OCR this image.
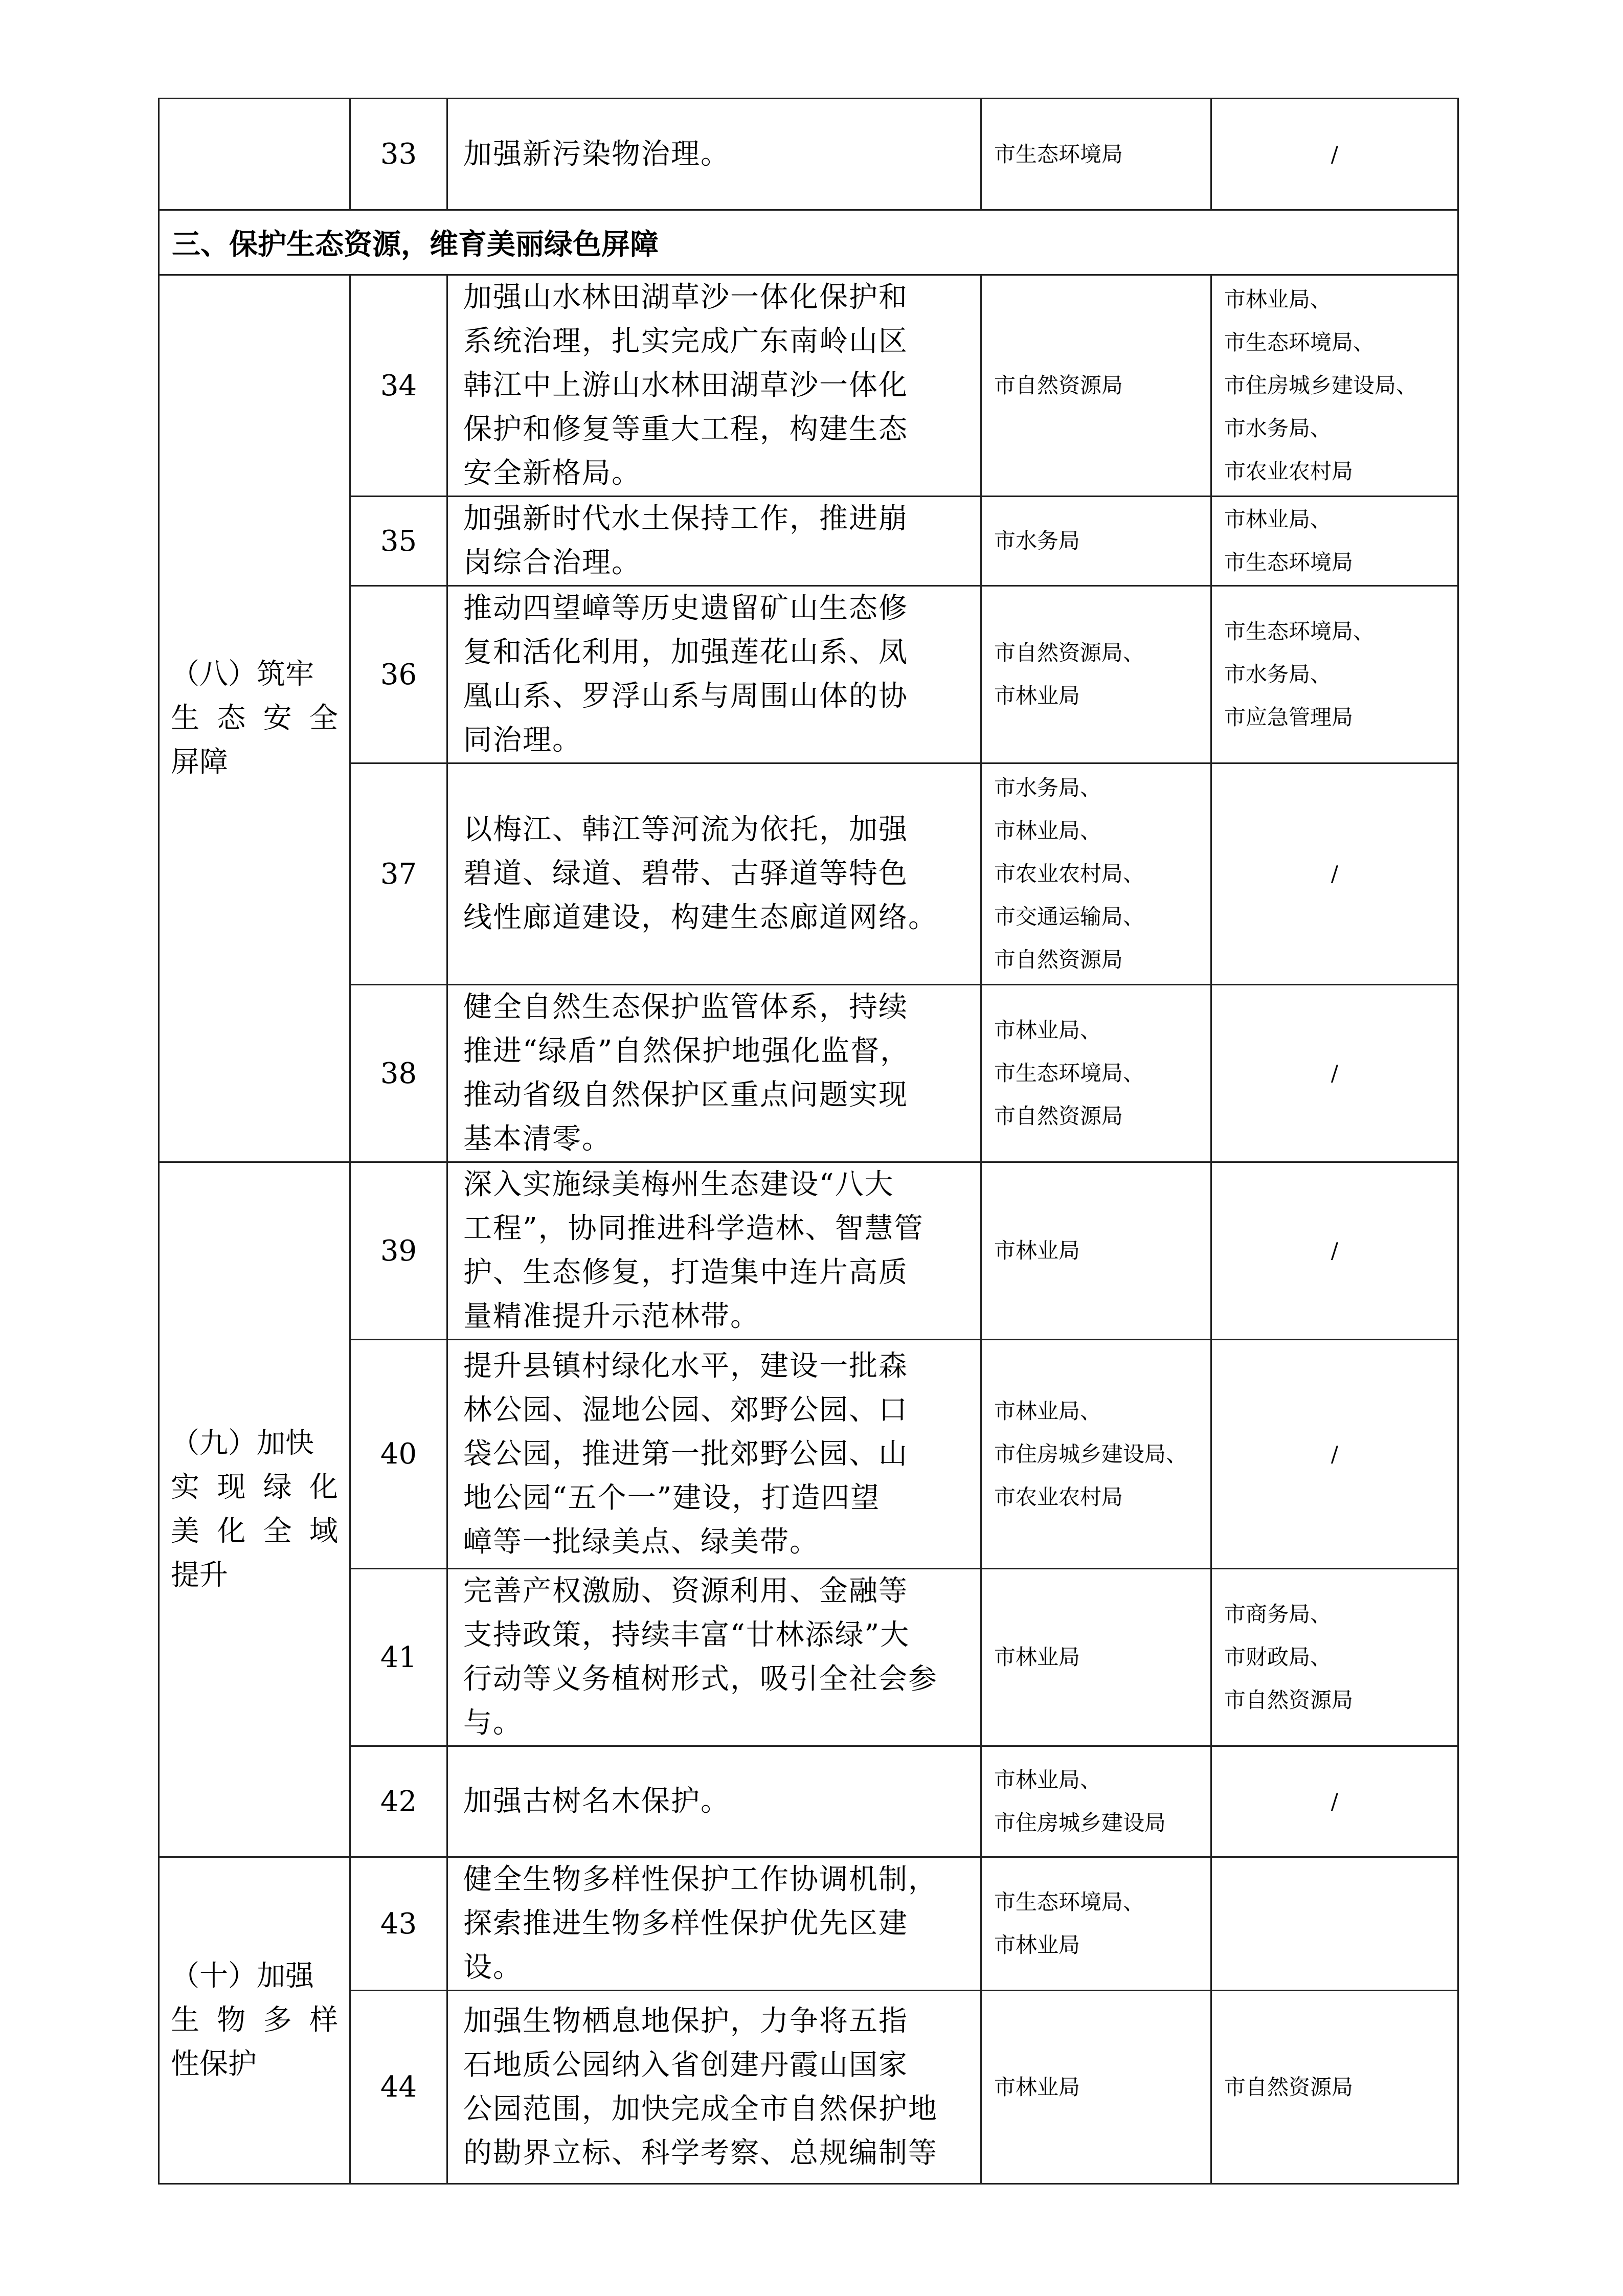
	33	加强新污染物治理。	市生态环境局	/
三、保护生态资源，维育美丽绿色屏障				

（八）筑牢
生态安全
屏障	34	加强山水林田湖草沙一体化保护和
系统治理，扎实完成广东南岭山区
韩江中上游山水林田湖草沙一体化
保护和修复等重大工程，构建生态
安全新格局。	市自然资源局	市林业局、
市生态环境局、
市住房城乡建设局、
市水务局、
市农业农村局

	35	加强新时代水土保持工作，推进崩
岗综合治理。	市水务局	市林业局、
市生态环境局

	36	推动四望嶂等历史遗留矿山生态修
复和活化利用，加强莲花山系、凤
凰山系、罗浮山系与周围山体的协
同治理。	市自然资源局、
市林业局	市生态环境局、
市水务局、
市应急管理局

	37	以梅江、韩江等河流为依托，加强
碧道、绿道、碧带、古驿道等特色
线性廊道建设，构建生态廊道网络。	市水务局、
市林业局、
市农业农村局、
市交通运输局、
市自然资源局	/
	38	健全自然生态保护监管体系，持续
推进“绿盾”自然保护地强化监督，
推动省级自然保护区重点问题实现
基本清零。	市林业局、
市生态环境局、
市自然资源局	/

（九）加快
实现绿化
美化全域
提升	39	深入实施绿美梅州生态建设“八大
工程”，协同推进科学造林、智慧管
护、生态修复，打造集中连片高质
量精准提升示范林带。	市林业局	/
	40	提升县镇村绿化水平，建设一批森
林公园、湿地公园、郊野公园、口
袋公园，推进第一批郊野公园、山
地公园“五个一”建设，打造四望
嶂等一批绿美点、绿美带。	市林业局、
市住房城乡建设局、
市农业农村局	/
	41	完善产权激励、资源利用、金融等
支持政策，持续丰富“廿林添绿”大
行动等义务植树形式，吸引全社会参
与。	市林业局	市商务局、
市财政局、
市自然资源局

	42	加强古树名木保护。	市林业局、
市住房城乡建设局	/

（十）加强
生物多样
性保护	43	健全生物多样性保护工作协调机制，
探索推进生物多样性保护优先区建
设。	市生态环境局、
市林业局	

	44	加强生物栖息地保护，力争将五指
石地质公园纳入省创建丹霞山国家
公园范围，加快完成全市自然保护地
的勘界立标、科学考察、总规编制等	市林业局	市自然资源局
